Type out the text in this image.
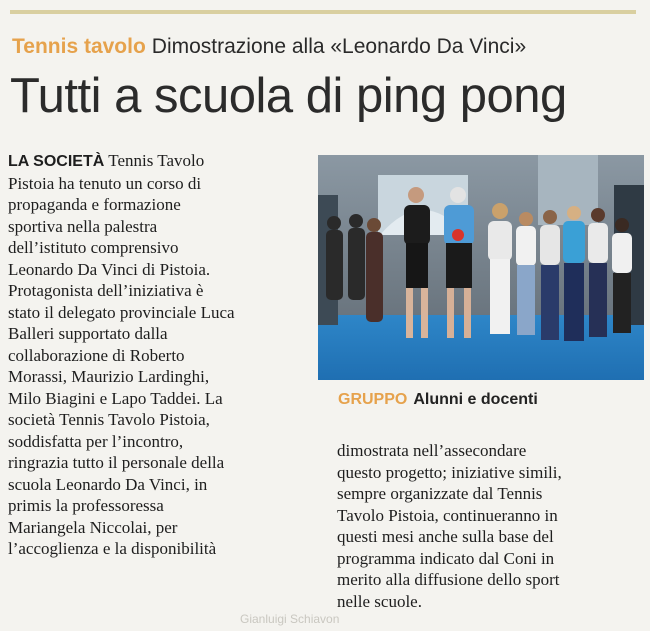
Tennis tavolo Dimostrazione alla «Leonardo Da Vinci»
Tutti a scuola di ping pong

LA SOCIETÀ Tennis Tavolo

Pistoia ha tenuto un corso di

propaganda e formazione

sportiva nella palestra

dell’istituto comprensivo

Leonardo Da Vinci di Pistoia.

Protagonista dell’iniziativa è

stato il delegato provinciale Luca

Balleri supportato dalla

collaborazione di Roberto

Morassi, Maurizio Lardinghi,

Milo Biagini e Lapo Taddei. La

società Tennis Tavolo Pistoia,

soddisfatta per l’incontro,

ringrazia tutto il personale della

scuola Leonardo Da Vinci, in

primis la professoressa

Mariangela Niccolai, per

l’accoglienza e la disponibilità

GRUPPO Alunni e docenti

dimostrata nell’assecondare

questo progetto; iniziative simili,

sempre organizzate dal Tennis

Tavolo Pistoia, continueranno in

questi mesi anche sulla base del

programma indicato dal Coni in

merito alla diffusione dello sport

nelle scuole.

Gianluigi Schiavon
